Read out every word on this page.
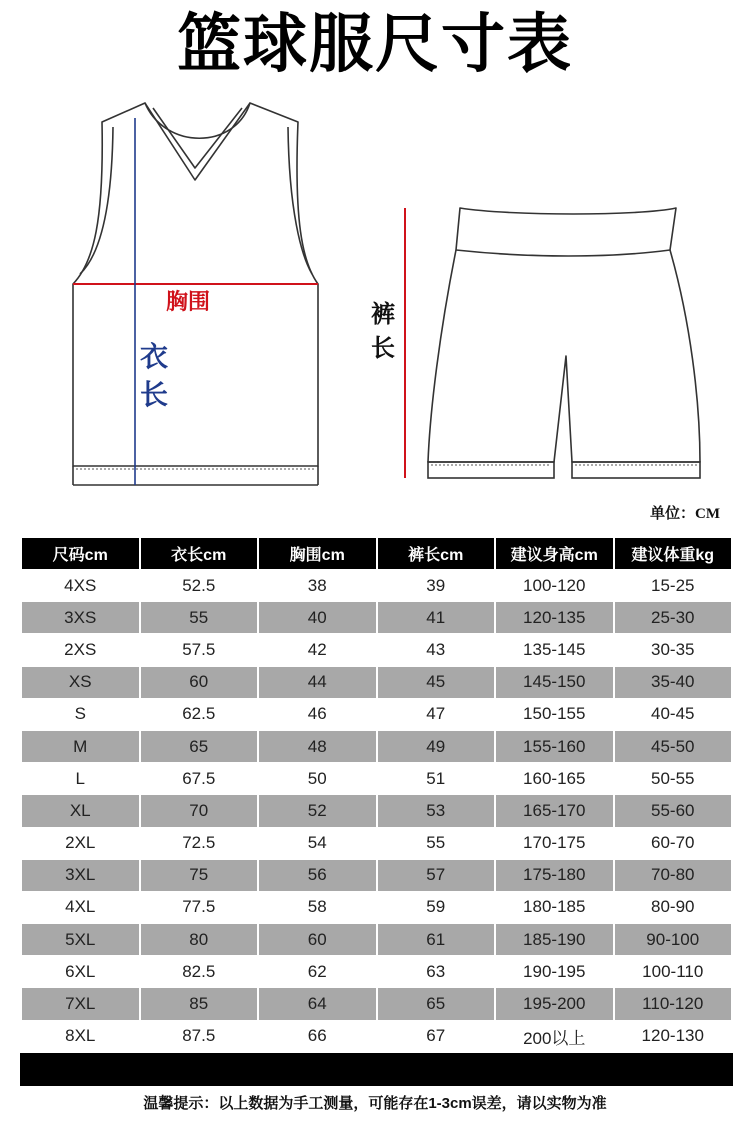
篮球服尺寸表
胸围
衣
长
裤
长
单位：CM
尺码cm	衣长cm	胸围cm	裤长cm	建议身高cm	建议体重kg
4XS	52.5	38	39	100-120	15-25
3XS	55	40	41	120-135	25-30
2XS	57.5	42	43	135-145	30-35
XS	60	44	45	145-150	35-40
S	62.5	46	47	150-155	40-45
M	65	48	49	155-160	45-50
L	67.5	50	51	160-165	50-55
XL	70	52	53	165-170	55-60
2XL	72.5	54	55	170-175	60-70
3XL	75	56	57	175-180	70-80
4XL	77.5	58	59	180-185	80-90
5XL	80	60	61	185-190	90-100
6XL	82.5	62	63	190-195	100-110
7XL	85	64	65	195-200	110-120
8XL	87.5	66	67	200以上	120-130
温馨提示：以上数据为手工测量，可能存在1-3cm误差，请以实物为准
